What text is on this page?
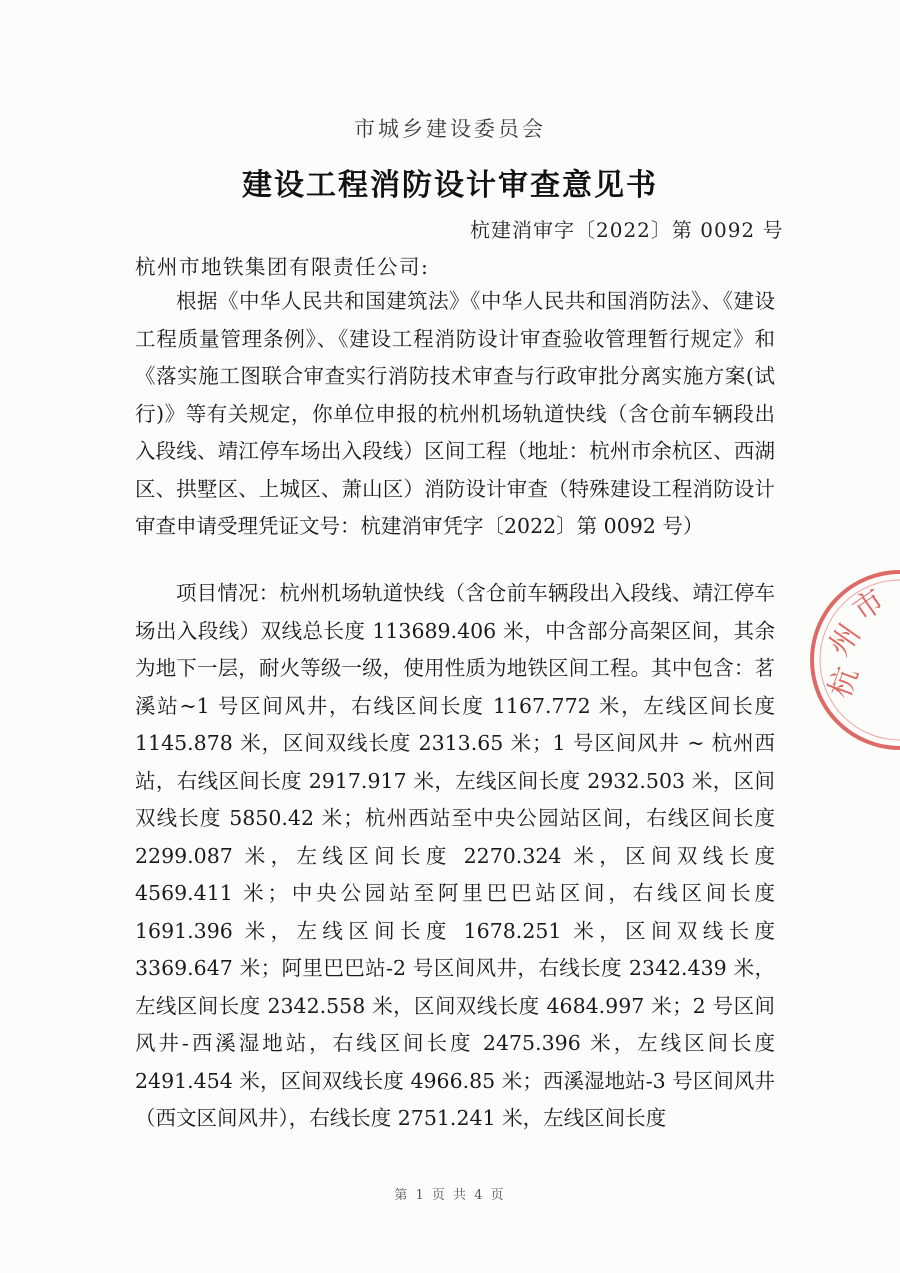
市城乡建设委员会
建设工程消防设计审查意见书
杭建消审字〔2022〕第 0092 号
杭州市地铁集团有限责任公司:
根据《中华人民共和国建筑法》《中华人民共和国消防法》、《建设工程质量管理条例》、《建设工程消防设计审查验收管理暂行规定》和《落实施工图联合审查实行消防技术审查与行政审批分离实施方案(试行)》等有关规定，你单位申报的杭州机场轨道快线（含仓前车辆段出入段线、靖江停车场出入段线）区间工程（地址：杭州市余杭区、西湖区、拱墅区、上城区、萧山区）消防设计审查（特殊建设工程消防设计审查申请受理凭证文号：杭建消审凭字〔2022〕第 0092 号）
项目情况：杭州机场轨道快线（含仓前车辆段出入段线、靖江停车场出入段线）双线总长度 113689.406 米，中含部分高架区间，其余为地下一层，耐火等级一级，使用性质为地铁区间工程。其中包含：茗溪站~1 号区间风井，右线区间长度 1167.772 米，左线区间长度 1145.878 米，区间双线长度 2313.65 米；1 号区间风井 ~ 杭州西站，右线区间长度 2917.917 米，左线区间长度 2932.503 米，区间双线长度 5850.42 米；杭州西站至中央公园站区间，右线区间长度 2299.087 米，左线区间长度 2270.324 米，区间双线长度 4569.411 米；中央公园站至阿里巴巴站区间，右线区间长度 1691.396 米，左线区间长度 1678.251 米，区间双线长度 3369.647 米；阿里巴巴站-2 号区间风井，右线长度 2342.439 米，左线区间长度 2342.558 米，区间双线长度 4684.997 米；2 号区间风井-西溪湿地站，右线区间长度 2475.396 米，左线区间长度 2491.454 米，区间双线长度 4966.85 米；西溪湿地站-3 号区间风井（西文区间风井），右线长度 2751.241 米，左线区间长度
第 1 页 共 4 页
杭
州
市
